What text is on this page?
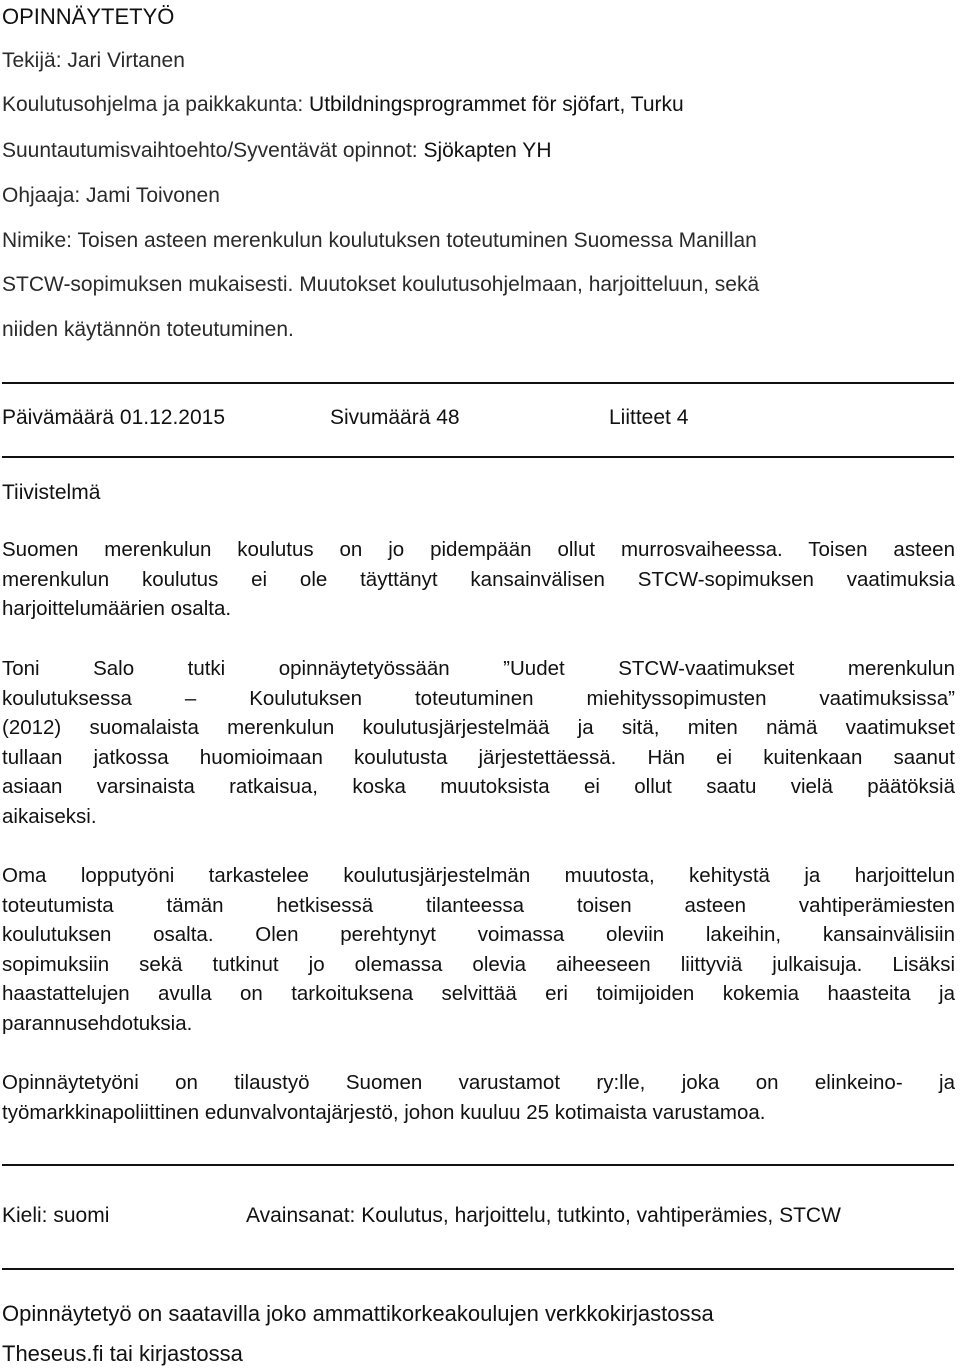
OPINNÄYTETYÖ
Tekijä: Jari Virtanen
Koulutusohjelma ja paikkakunta: Utbildningsprogrammet för sjöfart, Turku
Suuntautumisvaihtoehto/Syventävät opinnot: Sjökapten YH
Ohjaaja: Jami Toivonen
Nimike: Toisen asteen merenkulun koulutuksen toteutuminen Suomessa Manillan
STCW-sopimuksen mukaisesti. Muutokset koulutusohjelmaan, harjoitteluun, sekä
niiden käytännön toteutuminen.
Päivämäärä 01.12.2015	Sivumäärä 48	Liitteet 4
Tiivistelmä
Suomen merenkulun koulutus on jo pidempään ollut murrosvaiheessa. Toisen asteen
merenkulun koulutus ei ole täyttänyt kansainvälisen STCW-sopimuksen vaatimuksia
harjoittelumäärien osalta.
Toni Salo tutki opinnäytetyössään ”Uudet STCW-vaatimukset merenkulun
koulutuksessa – Koulutuksen toteutuminen miehityssopimusten vaatimuksissa”
(2012) suomalaista merenkulun koulutusjärjestelmää ja sitä, miten nämä vaatimukset
tullaan jatkossa huomioimaan koulutusta järjestettäessä. Hän ei kuitenkaan saanut
asiaan varsinaista ratkaisua, koska muutoksista ei ollut saatu vielä päätöksiä
aikaiseksi.
Oma lopputyöni tarkastelee koulutusjärjestelmän muutosta, kehitystä ja harjoittelun
toteutumista tämän hetkisessä tilanteessa toisen asteen vahtiperämiesten
koulutuksen osalta. Olen perehtynyt voimassa oleviin lakeihin, kansainvälisiin
sopimuksiin sekä tutkinut jo olemassa olevia aiheeseen liittyviä julkaisuja. Lisäksi
haastattelujen avulla on tarkoituksena selvittää eri toimijoiden kokemia haasteita ja
parannusehdotuksia.
Opinnäytetyöni on tilaustyö Suomen varustamot ry:lle, joka on elinkeino- ja
työmarkkinapoliittinen edunvalvontajärjestö, johon kuuluu 25 kotimaista varustamoa.
Kieli: suomi	Avainsanat: Koulutus, harjoittelu, tutkinto, vahtiperämies, STCW
Opinnäytetyö on saatavilla joko ammattikorkeakoulujen verkkokirjastossa
Theseus.fi tai kirjastossa
